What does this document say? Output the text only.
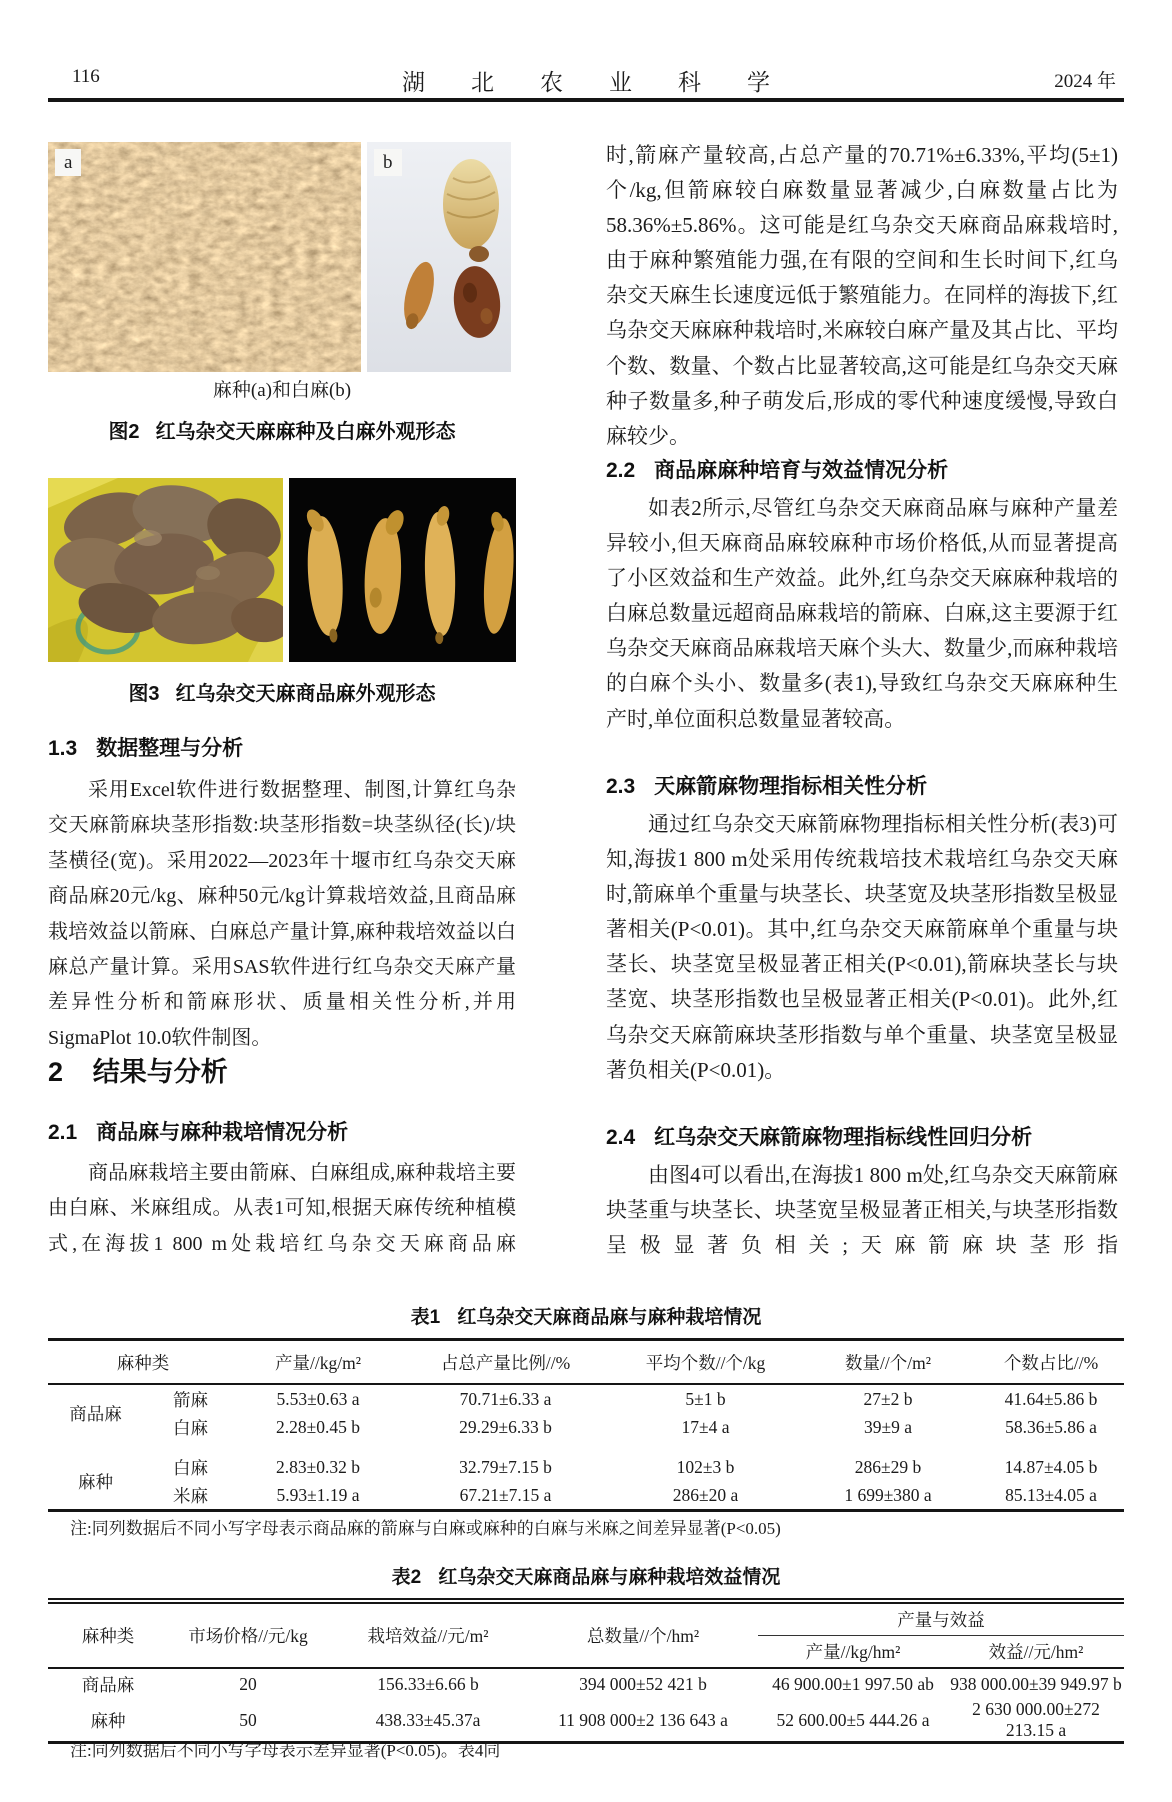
116	湖　　北　　农　　业　　科　　学	2024 年
a	b
麻种(a)和白麻(b)
图2 红乌杂交天麻麻种及白麻外观形态
图3 红乌杂交天麻商品麻外观形态
1.3 数据整理与分析

采用Excel软件进行数据整理、制图,计算红乌杂交天麻箭麻块茎形指数:块茎形指数=块茎纵径(长)/块茎横径(宽)。采用2022—2023年十堰市红乌杂交天麻商品麻20元/kg、麻种50元/kg计算栽培效益,且商品麻栽培效益以箭麻、白麻总产量计算,麻种栽培效益以白麻总产量计算。采用SAS软件进行红乌杂交天麻产量差异性分析和箭麻形状、质量相关性分析,并用SigmaPlot 10.0软件制图。

2 结果与分析
2.1 商品麻与麻种栽培情况分析

商品麻栽培主要由箭麻、白麻组成,麻种栽培主要由白麻、米麻组成。从表1可知,根据天麻传统种植模式,在海拔1 800 m处栽培红乌杂交天麻商品麻

时,箭麻产量较高,占总产量的70.71%±6.33%,平均(5±1)个/kg,但箭麻较白麻数量显著减少,白麻数量占比为58.36%±5.86%。这可能是红乌杂交天麻商品麻栽培时,由于麻种繁殖能力强,在有限的空间和生长时间下,红乌杂交天麻生长速度远低于繁殖能力。在同样的海拔下,红乌杂交天麻麻种栽培时,米麻较白麻产量及其占比、平均个数、数量、个数占比显著较高,这可能是红乌杂交天麻种子数量多,种子萌发后,形成的零代种速度缓慢,导致白麻较少。

2.2 商品麻麻种培育与效益情况分析

如表2所示,尽管红乌杂交天麻商品麻与麻种产量差异较小,但天麻商品麻较麻种市场价格低,从而显著提高了小区效益和生产效益。此外,红乌杂交天麻麻种栽培的白麻总数量远超商品麻栽培的箭麻、白麻,这主要源于红乌杂交天麻商品麻栽培天麻个头大、数量少,而麻种栽培的白麻个头小、数量多(表1),导致红乌杂交天麻麻种生产时,单位面积总数量显著较高。

2.3 天麻箭麻物理指标相关性分析

通过红乌杂交天麻箭麻物理指标相关性分析(表3)可知,海拔1 800 m处采用传统栽培技术栽培红乌杂交天麻时,箭麻单个重量与块茎长、块茎宽及块茎形指数呈极显著相关(P<0.01)。其中,红乌杂交天麻箭麻单个重量与块茎长、块茎宽呈极显著正相关(P<0.01),箭麻块茎长与块茎宽、块茎形指数也呈极显著正相关(P<0.01)。此外,红乌杂交天麻箭麻块茎形指数与单个重量、块茎宽呈极显著负相关(P<0.01)。

2.4 红乌杂交天麻箭麻物理指标线性回归分析

由图4可以看出,在海拔1 800 m处,红乌杂交天麻箭麻块茎重与块茎长、块茎宽呈极显著正相关,与块茎形指数呈极显著负相关;天麻箭麻块茎形指

表1 红乌杂交天麻商品麻与麻种栽培情况
麻种类		产量//kg/m²	占总产量比例//%	平均个数//个/kg	数量//个/m²	个数占比//%
商品麻	箭麻	5.53±0.63 a	70.71±6.33 a	5±1 b	27±2 b	41.64±5.86 b
	白麻	2.28±0.45 b	29.29±6.33 b	17±4 a	39±9 a	58.36±5.86 a
麻种	白麻	2.83±0.32 b	32.79±7.15 b	102±3 b	286±29 b	14.87±4.05 b
	米麻	5.93±1.19 a	67.21±7.15 a	286±20 a	1 699±380 a	85.13±4.05 a
注:同列数据后不同小写字母表示商品麻的箭麻与白麻或麻种的白麻与米麻之间差异显著(P<0.05)
表2 红乌杂交天麻商品麻与麻种栽培效益情况
麻种类	市场价格//元/kg	栽培效益//元/m²	总数量//个/hm²	产量与效益	
				产量//kg/hm²	效益//元/hm²
商品麻	20	156.33±6.66 b	394 000±52 421 b	46 900.00±1 997.50 ab	938 000.00±39 949.97 b
麻种	50	438.33±45.37a	11 908 000±2 136 643 a	52 600.00±5 444.26 a	2 630 000.00±272 213.15 a
注:同列数据后不同小写字母表示差异显著(P<0.05)。表4同
